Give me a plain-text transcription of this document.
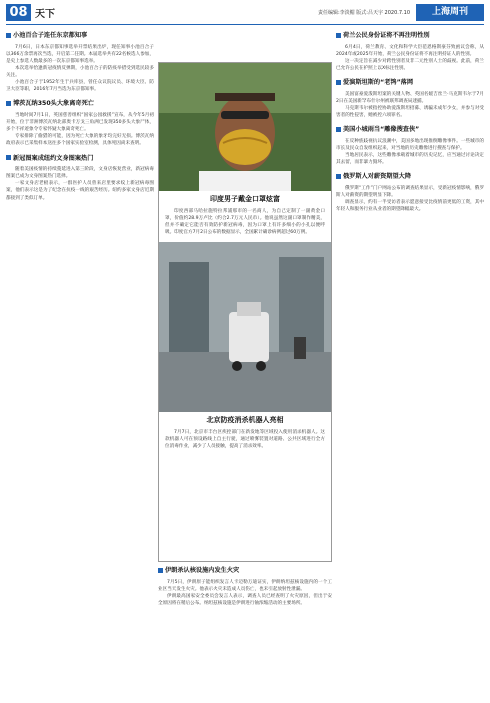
08 天下	责任编辑:李淡楣 版式:吕天宇 2020.7.10	上海周刊
小池百合子连任东京都知事

7月6日，日本东京都知事选举开票结果出炉，现任知事小池百合子以366万余票再次当选，开启第二任期。本届选举共有22名候选人参加，是史上参选人数最多的一次东京都知事选举。

本次选举恰逢新冠疫情反弹期，小池百合子的防疫举措受到选民较多关注。

小池百合子于1952年生于兵库县，曾任众议院议员、环境大臣、防卫大臣等职，2016年7月当选为东京都知事。

博茨瓦纳350头大象离奇死亡

当地时间7月1日，英国慈善组织“国家公园救援”宣布，从今年5月初开始，位于非洲博茨瓦纳北部奥卡万戈三角洲已发现350多头大象尸体，多个不祥迹象令专家怀疑大象离奇死亡。

专家排除了偷猎的可能，因为死亡大象的象牙均完好无损。博茨瓦纳政府表示已采集样本送往多个国家实验室检测，具体死因尚未查明。

新冠图案成纽约文身图案热门

随着美国疫情的持续蔓延进入第三阶段，文身店恢复营业，新冠病毒图案已成为文身图案热门选择。

一家文身店老板表示，一群医护人员曾来店里要求纹上新冠病毒图案，他们表示这是为了纪念在抗疫一线的艰苦经历。纽约多家文身店近期都接到了类似订单。	印度男子戴金口罩炫富

印度西部马哈拉施特拉邦浦那市的一名商人，为自己定制了一副黄金口罩，价值约28.9万卢比（约合2.7万元人民币）。他说虽然这副口罩制作精美，但并不确定它能否有效防护新冠病毒，因为口罩上有许多细小的小孔以便呼吸。印度官方7月2日公布的数据显示，全国累计确诊病例超过60万例。

北京防疫消杀机器人亮相

7月7日，北京市丰台区疾控部门在新发地等区域投入使用消杀机器人。这款机器人可在预设路线上自主行驶，通过喷雾装置对道路、公共区域进行全方位消毒作业，减少了人员接触，提高了消杀效率。

伊朗杀认核设施内发生火灾

7月5日，伊朗原子能组织发言人卡迈勒万迪证实，伊朗纳坦兹核设施内的一个工业区当天发生火灾。他表示火灾未造成人员伤亡，也未引起放射性泄漏。

伊朗最高国家安全委员会发言人表示，调查人员已经查明了火灾原因，但出于安全原因将在稍后公布。纳坦兹核设施是伊朗进行铀浓缩活动的主要场所。

荷兰公民身份证将不再注明性别

6月4日，荷兰教育、文化和科学大臣范恩格斯豪芬致函议会称，从2024年或2025年开始，荷兰公民身份证将不再注明持证人的性别。

这一决定旨在减少对跨性别者及非二元性别人士的歧视。此前，荷兰已允许公民在护照上以X标注性别。

爱演斯坦斯的“老鸨”落网

美国富豪爱泼斯坦案的关键人物、英国名媛吉丝兰·马克斯韦尔于7月2日在美国新罕布什尔州被联邦调查局逮捕。

马克斯韦尔被指控协助爱泼斯坦招募、诱骗未成年少女，并参与对受害者的性侵害，她被控六项罪名。

美国小城雨当“雕像搜查侠”

在反种族歧视抗议浪潮中，美国多地出现推倒雕像事件。一些城市的市长及民众自发组织起来，对当地的历史雕像进行搜查与保护。

当地居民表示，这些雕像承载着城市的历史记忆，应当通过讨论决定其去留，而非暴力毁坏。

俄罗斯人对薪资期望大降

俄罗斯“工作”门户网站公布的调查结果显示，受新冠疫情影响，俄罗斯人对薪资的期望明显下降。

调查显示，约有一半受访者表示愿意接受比疫情前更低的工资，其中年轻人和服务行业从业者的期望降幅最大。
